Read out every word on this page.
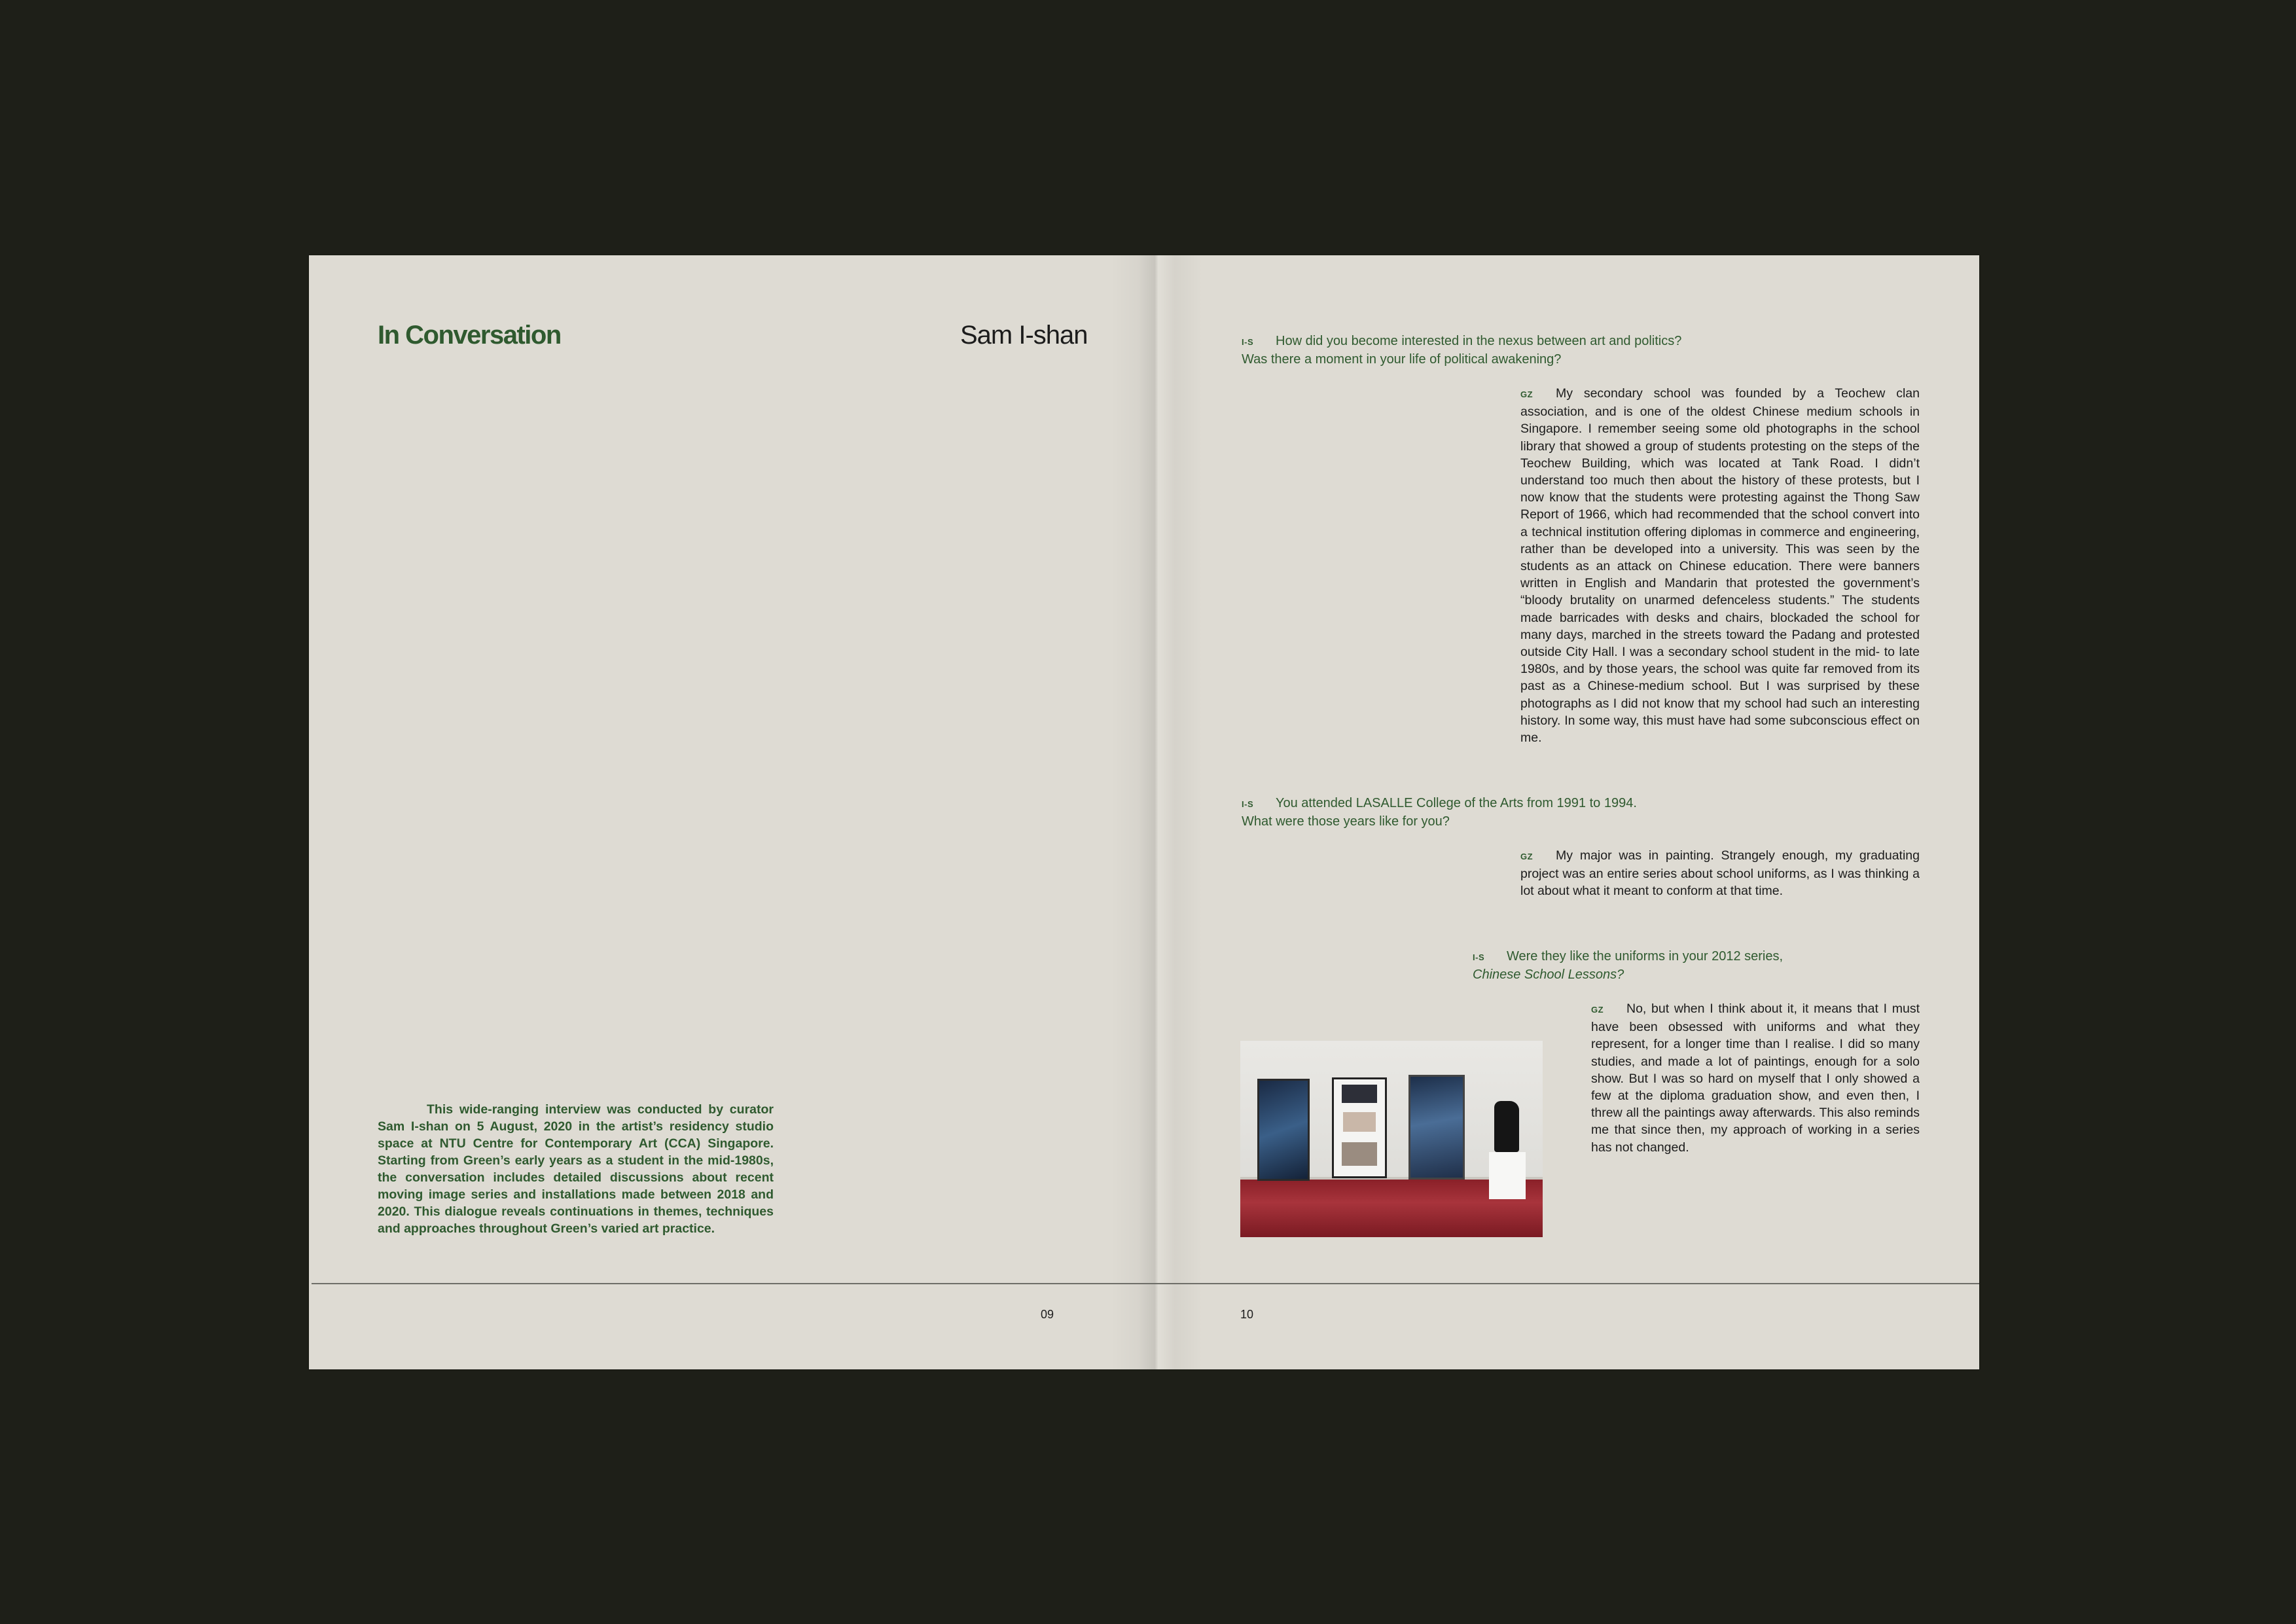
In Conversation	Sam I-shan

This wide-ranging interview was conducted by curator Sam I-shan on 5 August, 2020 in the artist’s residency studio space at NTU Centre for Contemporary Art (CCA) Singapore. Starting from Green’s early years as a student in the mid-1980s, the conversation includes detailed discussions about recent moving image series and installations made between 2018 and 2020. This dialogue reveals continuations in themes, techniques and approaches throughout Green’s varied art practice.

I-S How did you become interested in the nexus between art and politics?
Was there a moment in your life of political awakening?

GZ My secondary school was founded by a Teochew clan association, and is one of the oldest Chinese medium schools in Singapore. I remember seeing some old photographs in the school library that showed a group of students protesting on the steps of the Teochew Building, which was located at Tank Road. I didn’t understand too much then about the history of these protests, but I now know that the students were protesting against the Thong Saw Report of 1966, which had recommended that the school convert into a technical institution offering diplomas in commerce and engineering, rather than be developed into a university. This was seen by the students as an attack on Chinese education. There were banners written in English and Mandarin that protested the government’s “bloody brutality on unarmed defenceless students.” The students made barricades with desks and chairs, blockaded the school for many days, marched in the streets toward the Padang and protested outside City Hall. I was a secondary school student in the mid- to late 1980s, and by those years, the school was quite far removed from its past as a Chinese-medium school. But I was surprised by these photographs as I did not know that my school had such an interesting history. In some way, this must have had some subconscious effect on me.

I-S You attended LASALLE College of the Arts from 1991 to 1994.
What were those years like for you?

GZ My major was in painting. Strangely enough, my graduating project was an entire series about school uniforms, as I was thinking a lot about what it meant to conform at that time.

I-S Were they like the uniforms in your 2012 series,
Chinese School Lessons?

GZ No, but when I think about it, it means that I must have been obsessed with uniforms and what they represent, for a longer time than I realise. I did so many studies, and made a lot of paintings, enough for a solo show. But I was so hard on myself that I only showed a few at the diploma graduation show, and even then, I threw all the paintings away afterwards. This also reminds me that since then, my approach of working in a series has not changed.

09	10
